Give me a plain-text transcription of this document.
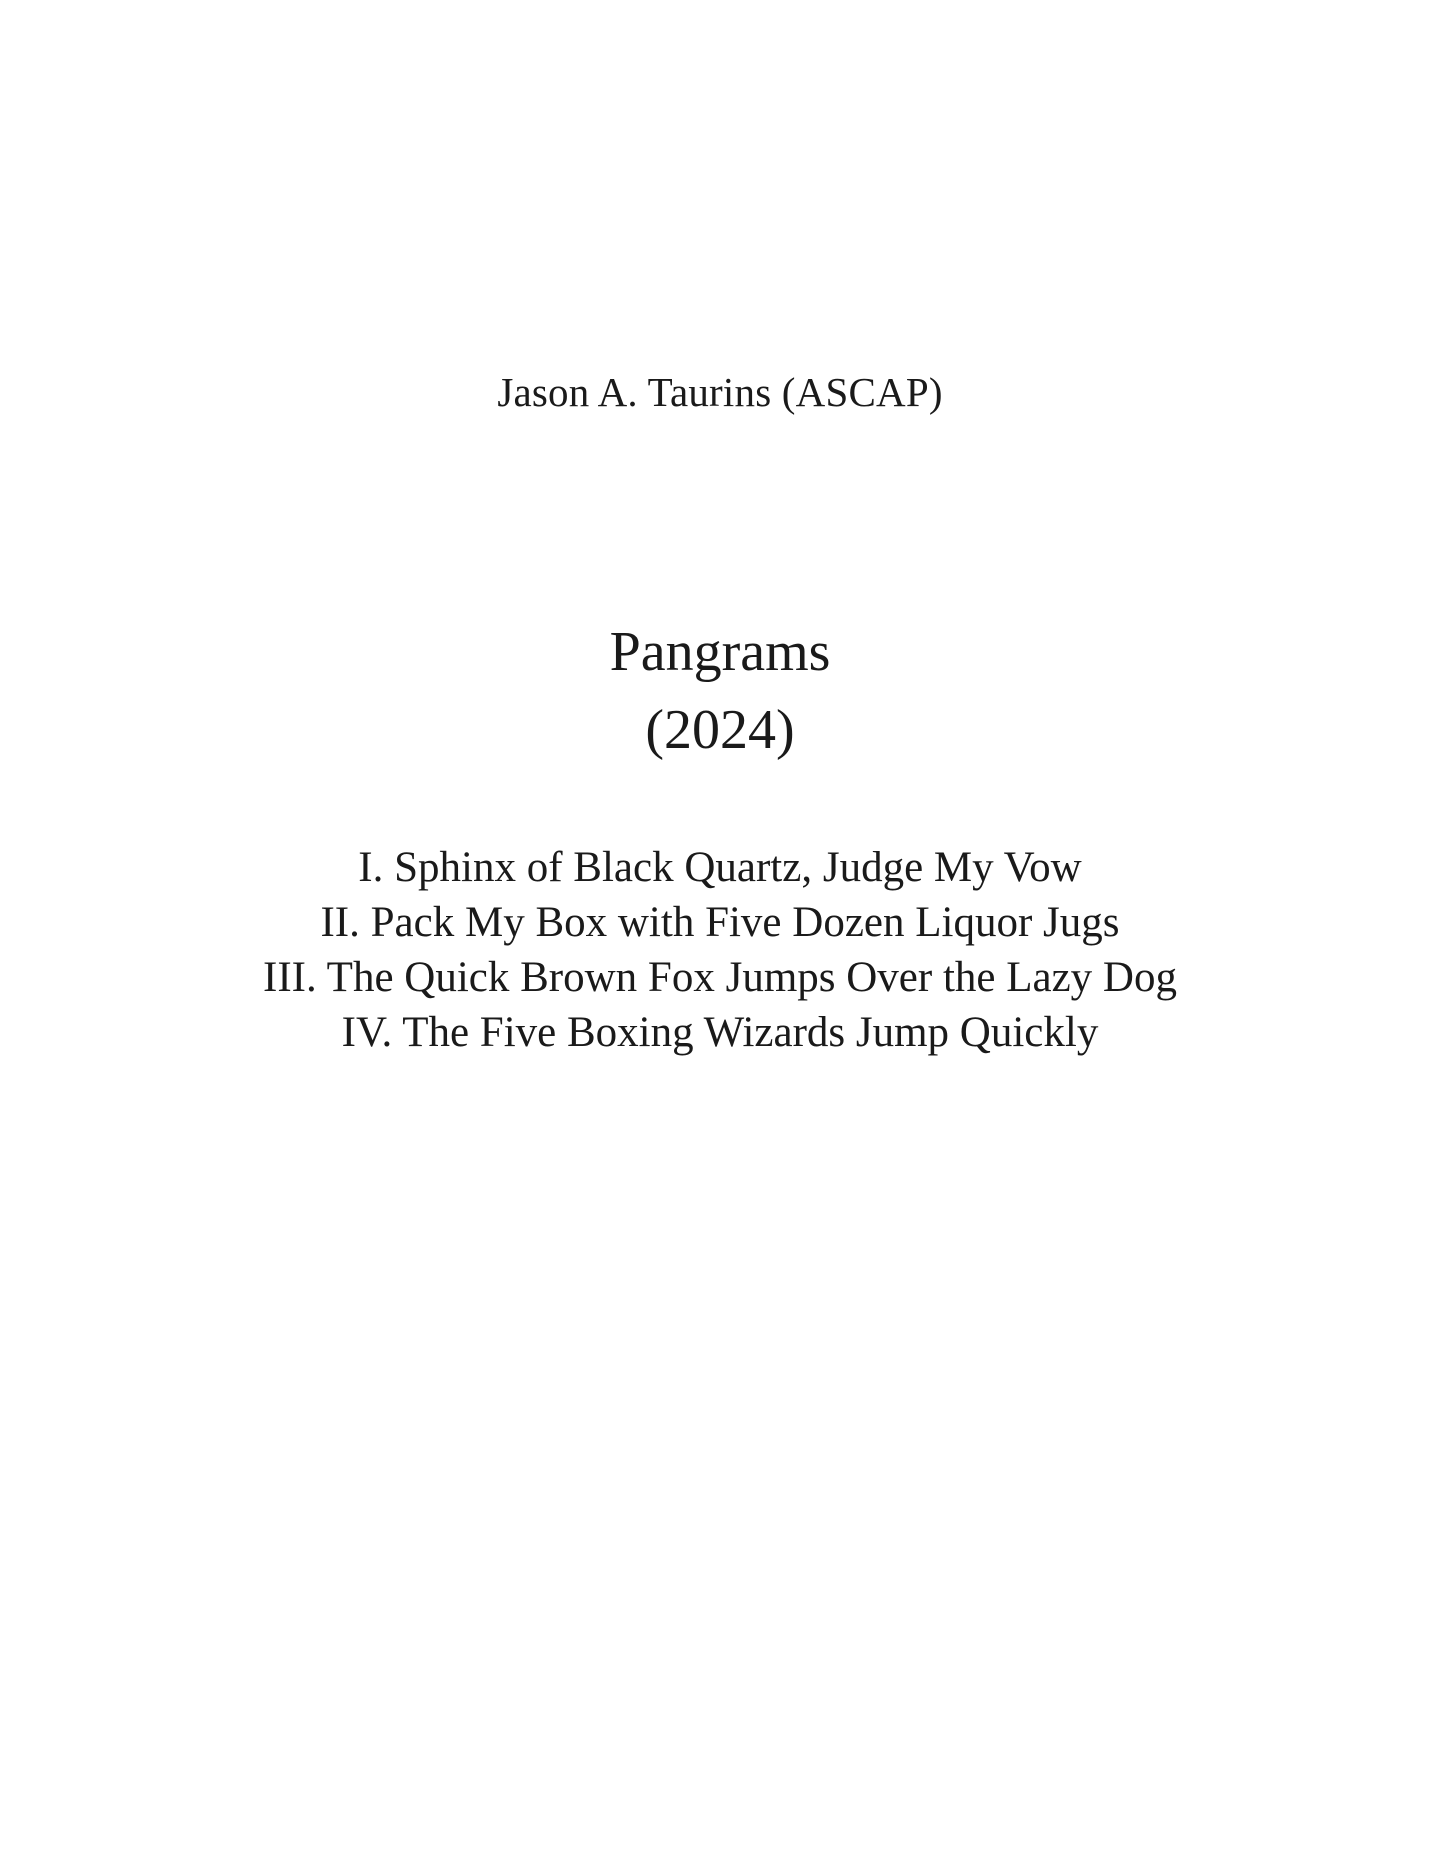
Jason A. Taurins (ASCAP)
Pangrams
(2024)
I. Sphinx of Black Quartz, Judge My Vow
II. Pack My Box with Five Dozen Liquor Jugs
III. The Quick Brown Fox Jumps Over the Lazy Dog
IV. The Five Boxing Wizards Jump Quickly
